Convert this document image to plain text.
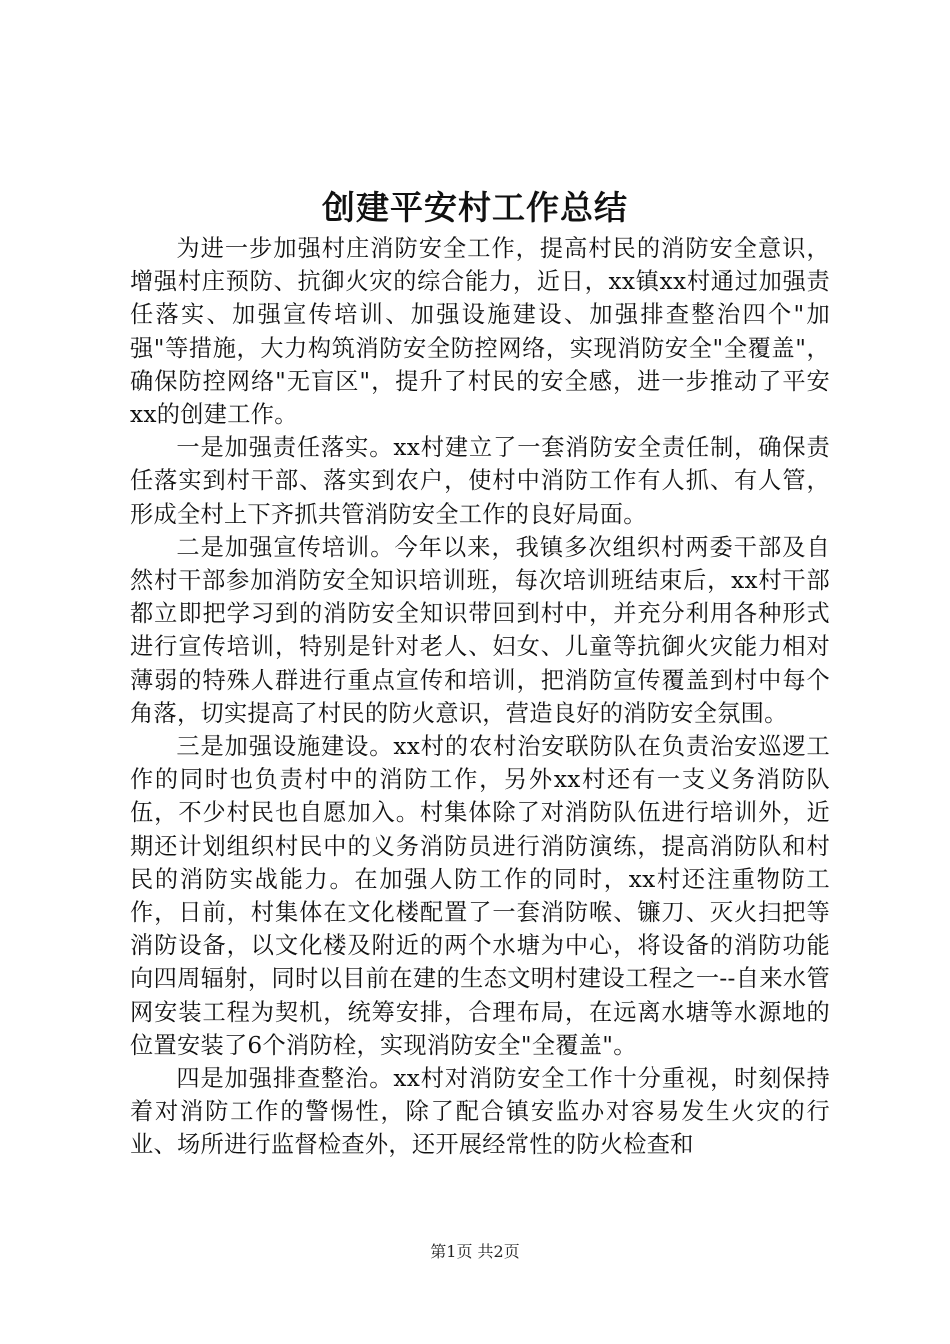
创建平安村工作总结

为进一步加强村庄消防安全工作，提高村民的消防安全意识，增强村庄预防、抗御火灾的综合能力，近日，xx镇xx村通过加强责任落实、加强宣传培训、加强设施建设、加强排查整治四个"加强"等措施，大力构筑消防安全防控网络，实现消防安全"全覆盖"，确保防控网络"无盲区"，提升了村民的安全感，进一步推动了平安xx的创建工作。

一是加强责任落实。xx村建立了一套消防安全责任制，确保责任落实到村干部、落实到农户，使村中消防工作有人抓、有人管，形成全村上下齐抓共管消防安全工作的良好局面。

二是加强宣传培训。今年以来，我镇多次组织村两委干部及自然村干部参加消防安全知识培训班，每次培训班结束后，xx村干部都立即把学习到的消防安全知识带回到村中，并充分利用各种形式进行宣传培训，特别是针对老人、妇女、儿童等抗御火灾能力相对薄弱的特殊人群进行重点宣传和培训，把消防宣传覆盖到村中每个角落，切实提高了村民的防火意识，营造良好的消防安全氛围。

三是加强设施建设。xx村的农村治安联防队在负责治安巡逻工作的同时也负责村中的消防工作，另外xx村还有一支义务消防队伍，不少村民也自愿加入。村集体除了对消防队伍进行培训外，近期还计划组织村民中的义务消防员进行消防演练，提高消防队和村民的消防实战能力。在加强人防工作的同时，xx村还注重物防工作，日前，村集体在文化楼配置了一套消防喉、镰刀、灭火扫把等消防设备，以文化楼及附近的两个水塘为中心，将设备的消防功能向四周辐射，同时以目前在建的生态文明村建设工程之一--自来水管网安装工程为契机，统筹安排，合理布局，在远离水塘等水源地的位置安装了6个消防栓，实现消防安全"全覆盖"。

四是加强排查整治。xx村对消防安全工作十分重视，时刻保持着对消防工作的警惕性，除了配合镇安监办对容易发生火灾的行业、场所进行监督检查外，还开展经常性的防火检查和

第1页 共2页
